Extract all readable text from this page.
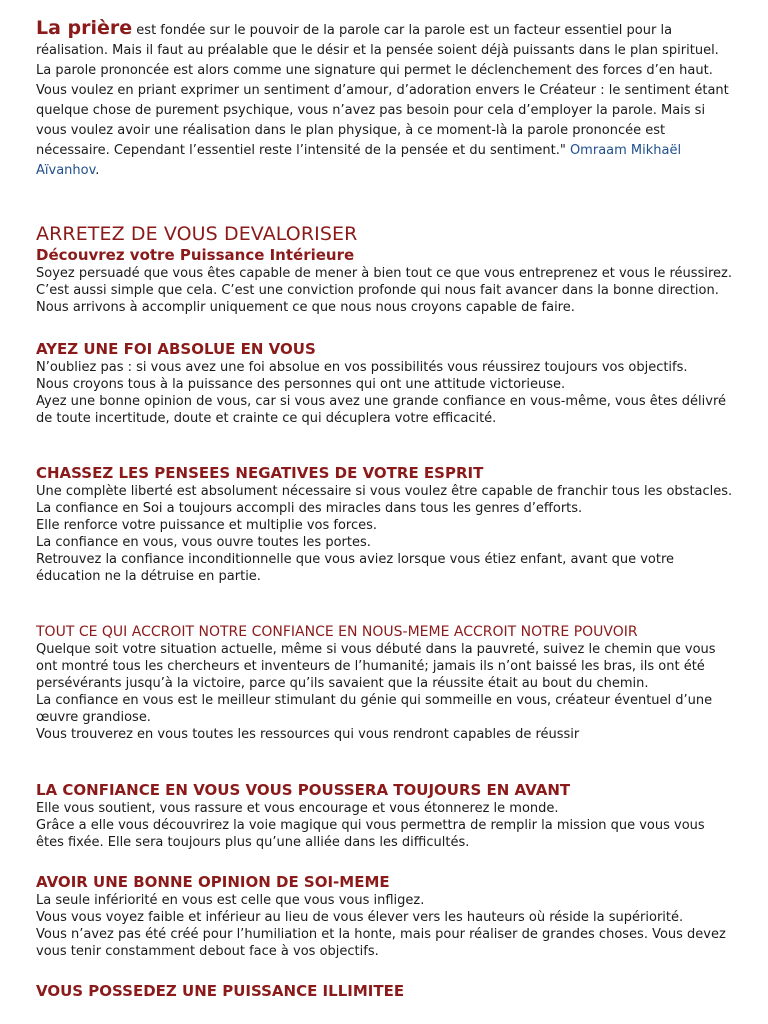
La prière est fondée sur le pouvoir de la parole car la parole est un facteur essentiel pour la réalisation. Mais il faut au préalable que le désir et la pensée soient déjà puissants dans le plan spirituel. La parole prononcée est alors comme une signature qui permet le déclenchement des forces d’en haut. Vous voulez en priant exprimer un sentiment d’amour, d’adoration envers le Créateur : le sentiment étant quelque chose de purement psychique, vous n’avez pas besoin pour cela d’employer la parole. Mais si vous voulez avoir une réalisation dans le plan physique, à ce moment-là la parole prononcée est nécessaire. Cependant l’essentiel reste l’intensité de la pensée et du sentiment." Omraam Mikhaël Aïvanhov.

ARRETEZ DE VOUS DEVALORISER
Découvrez votre Puissance Intérieure
Soyez persuadé que vous êtes capable de mener à bien tout ce que vous entreprenez et vous le réussirez. C’est aussi simple que cela. C’est une conviction profonde qui nous fait avancer dans la bonne direction. Nous arrivons à accomplir uniquement ce que nous nous croyons capable de faire.
AYEZ UNE FOI ABSOLUE EN VOUS
N’oubliez pas : si vous avez une foi absolue en vos possibilités vous réussirez toujours vos objectifs.
Nous croyons tous à la puissance des personnes qui ont une attitude victorieuse.
Ayez une bonne opinion de vous, car si vous avez une grande confiance en vous-même, vous êtes délivré de toute incertitude, doute et crainte ce qui décuplera votre efficacité.
CHASSEZ LES PENSEES NEGATIVES DE VOTRE ESPRIT
Une complète liberté est absolument nécessaire si vous voulez être capable de franchir tous les obstacles.
La confiance en Soi a toujours accompli des miracles dans tous les genres d’efforts.
Elle renforce votre puissance et multiplie vos forces.
La confiance en vous, vous ouvre toutes les portes.
Retrouvez la confiance inconditionnelle que vous aviez lorsque vous étiez enfant, avant que votre éducation ne la détruise en partie.
TOUT CE QUI ACCROIT NOTRE CONFIANCE EN NOUS-MEME ACCROIT NOTRE POUVOIR
Quelque soit votre situation actuelle, même si vous débuté dans la pauvreté, suivez le chemin que vous ont montré tous les chercheurs et inventeurs de l’humanité; jamais ils n’ont baissé les bras, ils ont été persévérants jusqu’à la victoire, parce qu’ils savaient que la réussite était au bout du chemin.
La confiance en vous est le meilleur stimulant du génie qui sommeille en vous, créateur éventuel d’une œuvre grandiose.
Vous trouverez en vous toutes les ressources qui vous rendront capables de réussir
LA CONFIANCE EN VOUS VOUS POUSSERA TOUJOURS EN AVANT
Elle vous soutient, vous rassure et vous encourage et vous étonnerez le monde.
Grâce a elle vous découvrirez la voie magique qui vous permettra de remplir la mission que vous vous êtes fixée. Elle sera toujours plus qu’une alliée dans les difficultés.
AVOIR UNE BONNE OPINION DE SOI-MEME
La seule infériorité en vous est celle que vous vous infligez.
Vous vous voyez faible et inférieur au lieu de vous élever vers les hauteurs où réside la supériorité.
Vous n’avez pas été créé pour l’humiliation et la honte, mais pour réaliser de grandes choses. Vous devez vous tenir constamment debout face à vos objectifs.
VOUS POSSEDEZ UNE PUISSANCE ILLIMITEE
